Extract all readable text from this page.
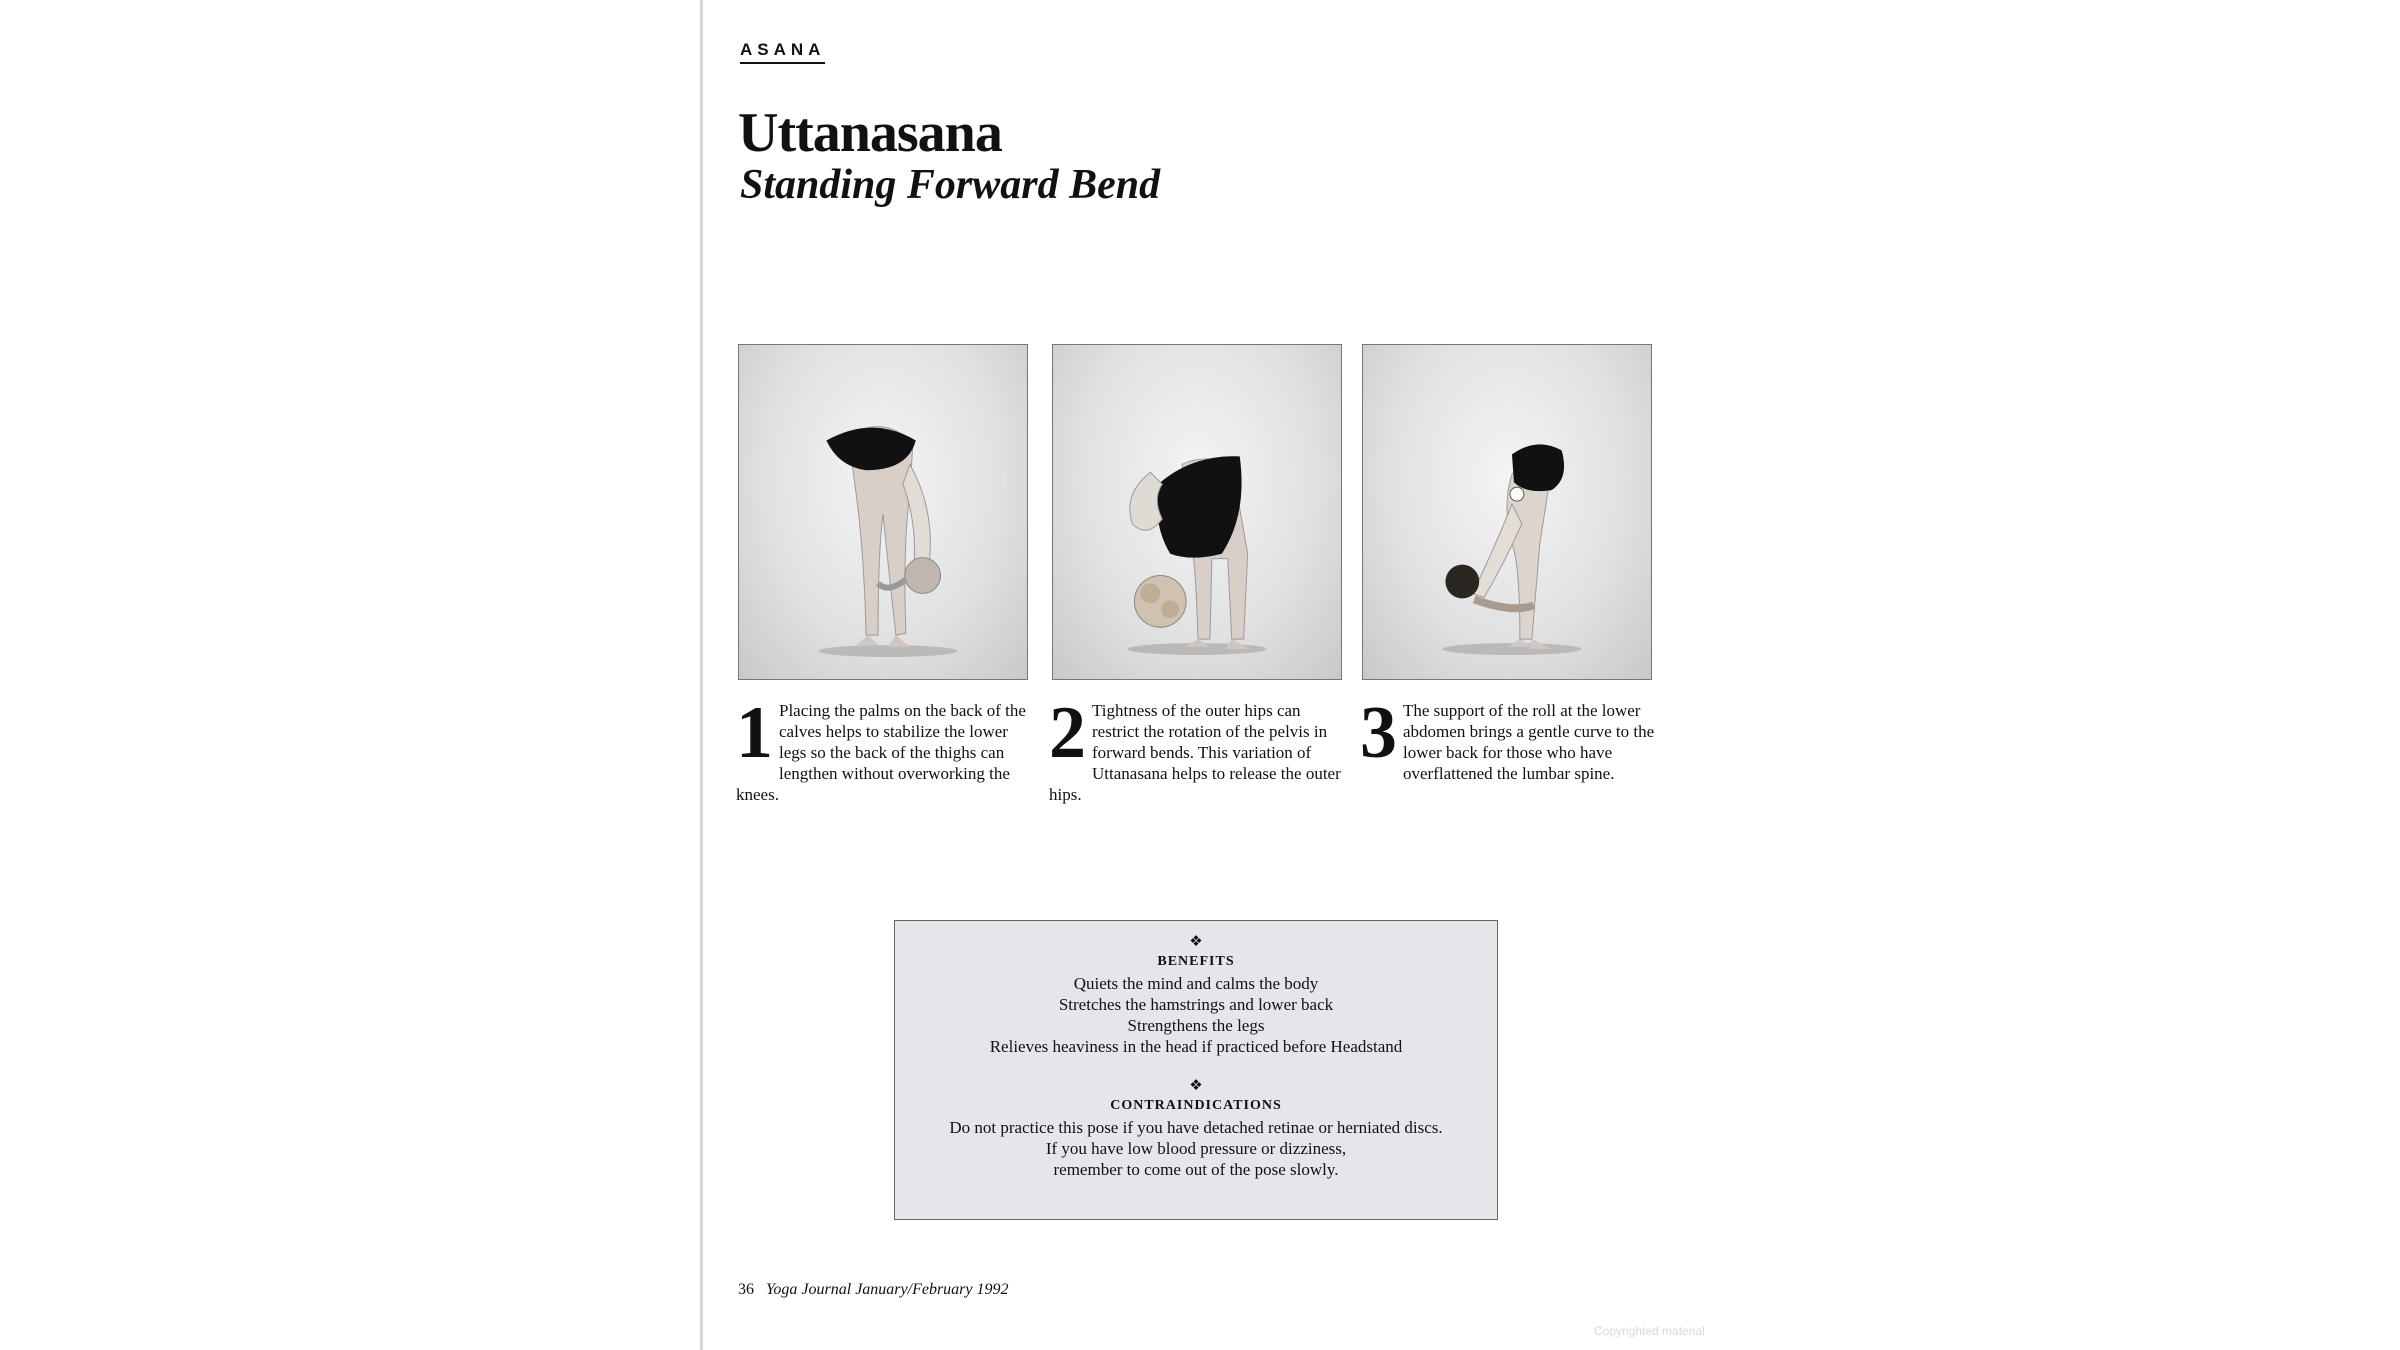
ASANA
Uttanasana
Standing Forward Bend
1 Placing the palms on the back of the calves helps to stabilize the lower legs so the back of the thighs can lengthen without overworking the knees.
2 Tightness of the outer hips can restrict the rotation of the pelvis in forward bends. This variation of Uttanasana helps to release the outer hips.
3 The support of the roll at the lower abdomen brings a gentle curve to the lower back for those who have overflattened the lumbar spine.
❖
BENEFITS
Quiets the mind and calms the body
Stretches the hamstrings and lower back
Strengthens the legs
Relieves heaviness in the head if practiced before Headstand
❖
CONTRAINDICATIONS
Do not practice this pose if you have detached retinae or herniated discs.
If you have low blood pressure or dizziness,
remember to come out of the pose slowly.
36 Yoga Journal January/February 1992
Copyrighted material
